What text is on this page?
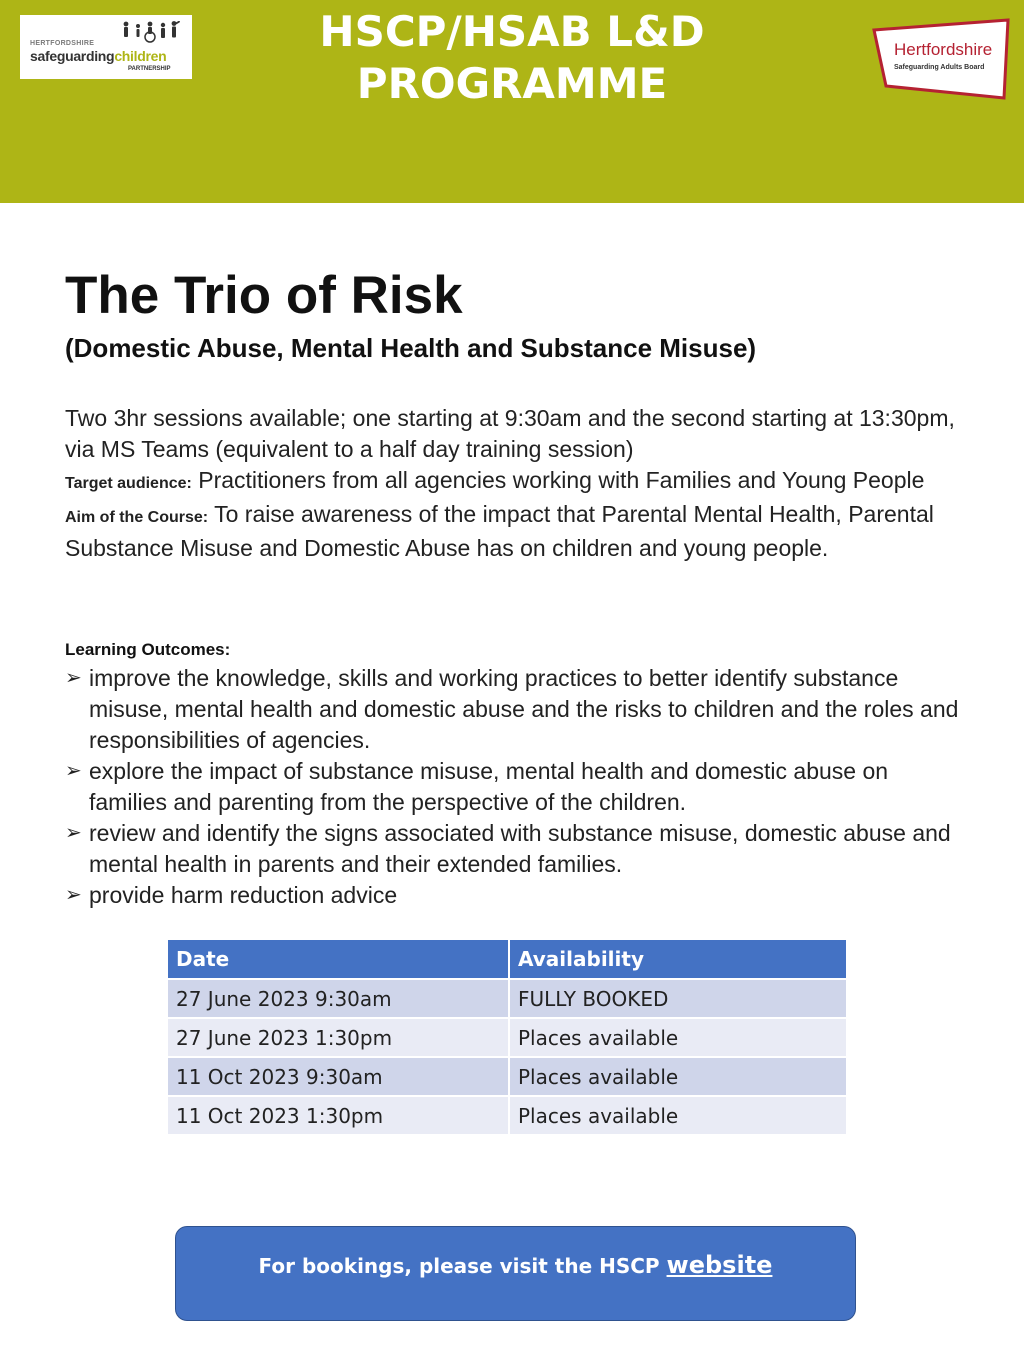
HERTFORDSHIRE
safeguardingchildren
PARTNERSHIP
HSCP/HSAB L&D
PROGRAMME
Hertfordshire
Safeguarding Adults Board
The Trio of Risk
(Domestic Abuse, Mental Health and Substance Misuse)

Two 3hr sessions available; one starting at 9:30am and the second starting at 13:30pm, via MS Teams (equivalent to a half day training session)

Target audience: Practitioners from all agencies working with Families and Young People

Aim of the Course: To raise awareness of the impact that Parental Mental Health, Parental Substance Misuse and Domestic Abuse has on children and young people.

Learning Outcomes:
➢ improve the knowledge, skills and working practices to better identify substance misuse, mental health and domestic abuse and the risks to children and the roles and responsibilities of agencies.
➢ explore the impact of substance misuse, mental health and domestic abuse on families and parenting from the perspective of the children.
➢ review and identify the signs associated with substance misuse, domestic abuse and mental health in parents and their extended families.
➢ provide harm reduction advice
Date	Availability
27 June 2023 9:30am	FULLY BOOKED
27 June 2023 1:30pm	Places available
11 Oct 2023 9:30am	Places available
11 Oct 2023 1:30pm	Places available
For bookings, please visit the HSCP website
